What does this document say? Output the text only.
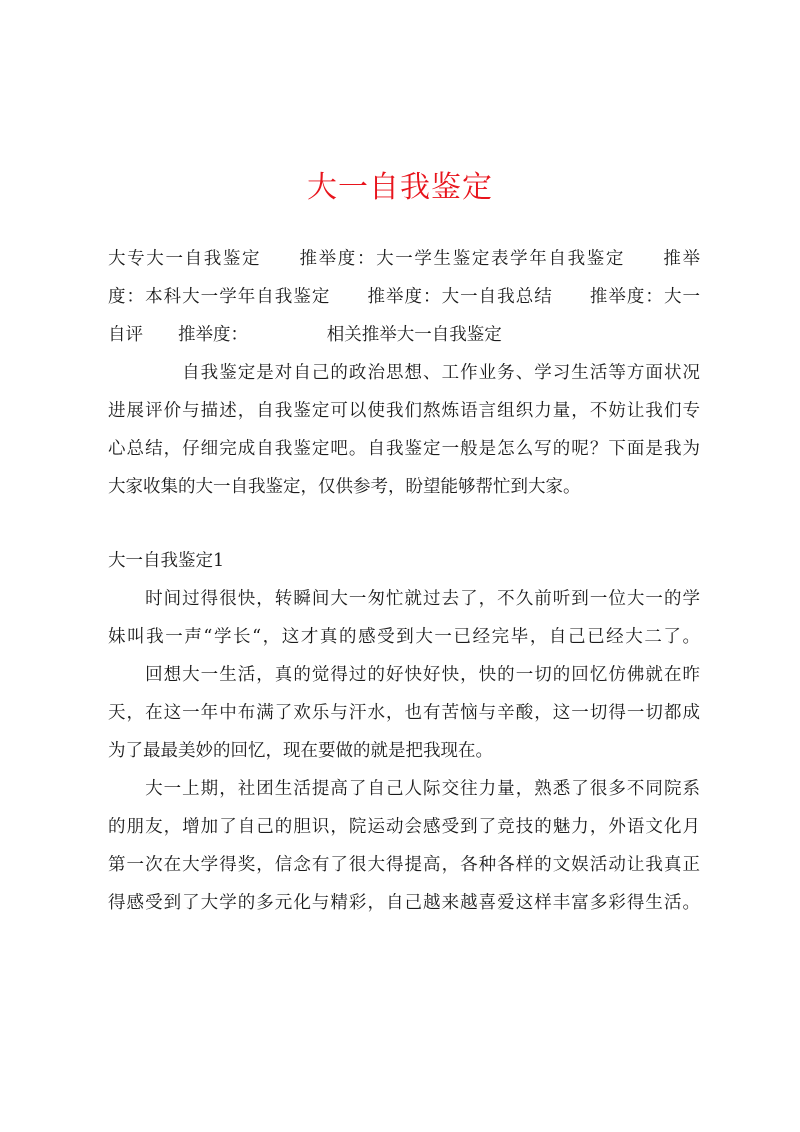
大一自我鉴定
大专大一自我鉴定　　推举度：大一学生鉴定表学年自我鉴定　　推举
度：本科大一学年自我鉴定　　推举度：大一自我总结　　推举度：大一
自评　　推举度：　　　　　相关推举大一自我鉴定
　　　　自我鉴定是对自己的政治思想、工作业务、学习生活等方面状况
进展评价与描述，自我鉴定可以使我们熬炼语言组织力量，不妨让我们专
心总结，仔细完成自我鉴定吧。自我鉴定一般是怎么写的呢？下面是我为
大家收集的大一自我鉴定，仅供参考，盼望能够帮忙到大家。
大一自我鉴定1
　　时间过得很快，转瞬间大一匆忙就过去了，不久前听到一位大一的学
妹叫我一声“学长“，这才真的感受到大一已经完毕，自己已经大二了。
　　回想大一生活，真的觉得过的好快好快，快的一切的回忆仿佛就在昨
天，在这一年中布满了欢乐与汗水，也有苦恼与辛酸，这一切得一切都成
为了最最美妙的回忆，现在要做的就是把我现在。
　　大一上期，社团生活提高了自己人际交往力量，熟悉了很多不同院系
的朋友，增加了自己的胆识，院运动会感受到了竞技的魅力，外语文化月
第一次在大学得奖，信念有了很大得提高，各种各样的文娱活动让我真正
得感受到了大学的多元化与精彩，自己越来越喜爱这样丰富多彩得生活。
